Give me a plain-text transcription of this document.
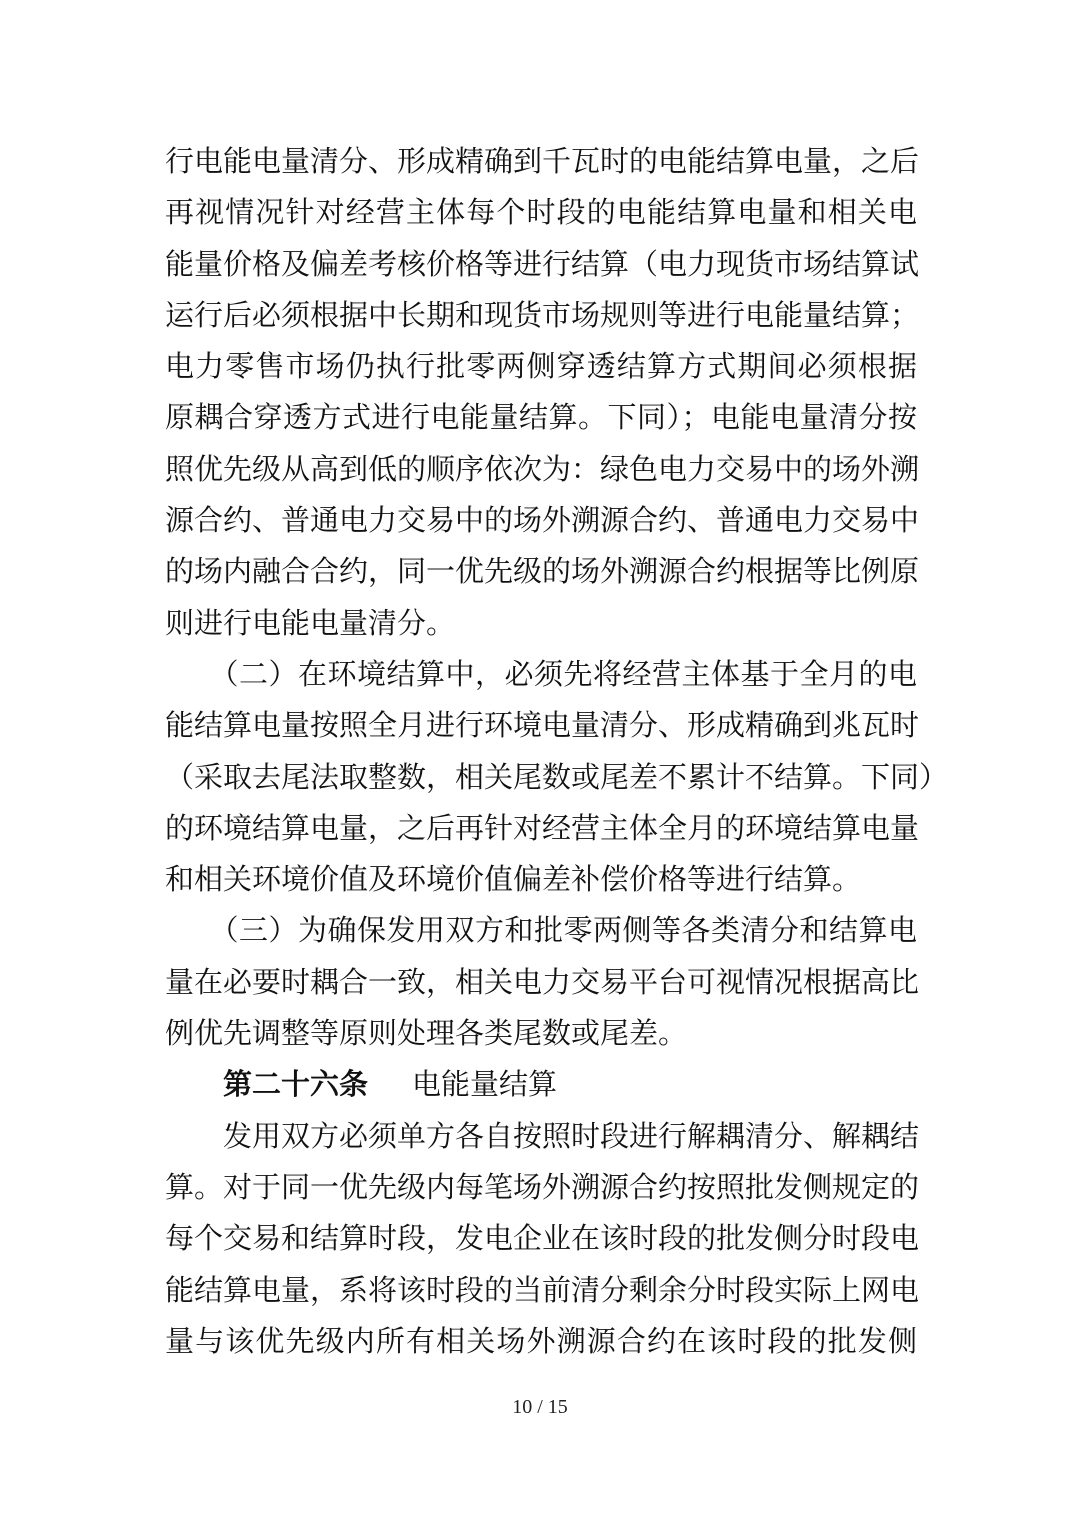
行电能电量清分、形成精确到千瓦时的电能结算电量，之后
再视情况针对经营主体每个时段的电能结算电量和相关电
能量价格及偏差考核价格等进行结算（电力现货市场结算试
运行后必须根据中长期和现货市场规则等进行电能量结算；
电力零售市场仍执行批零两侧穿透结算方式期间必须根据
原耦合穿透方式进行电能量结算。下同）；电能电量清分按
照优先级从高到低的顺序依次为：绿色电力交易中的场外溯
源合约、普通电力交易中的场外溯源合约、普通电力交易中
的场内融合合约，同一优先级的场外溯源合约根据等比例原
则进行电能电量清分。
　　（二）在环境结算中，必须先将经营主体基于全月的电
能结算电量按照全月进行环境电量清分、形成精确到兆瓦时
（采取去尾法取整数，相关尾数或尾差不累计不结算。下同）
的环境结算电量，之后再针对经营主体全月的环境结算电量
和相关环境价值及环境价值偏差补偿价格等进行结算。
　　（三）为确保发用双方和批零两侧等各类清分和结算电
量在必要时耦合一致，相关电力交易平台可视情况根据高比
例优先调整等原则处理各类尾数或尾差。
第二十六条 电能量结算
　　发用双方必须单方各自按照时段进行解耦清分、解耦结
算。对于同一优先级内每笔场外溯源合约按照批发侧规定的
每个交易和结算时段，发电企业在该时段的批发侧分时段电
能结算电量，系将该时段的当前清分剩余分时段实际上网电
量与该优先级内所有相关场外溯源合约在该时段的批发侧
10 / 15
